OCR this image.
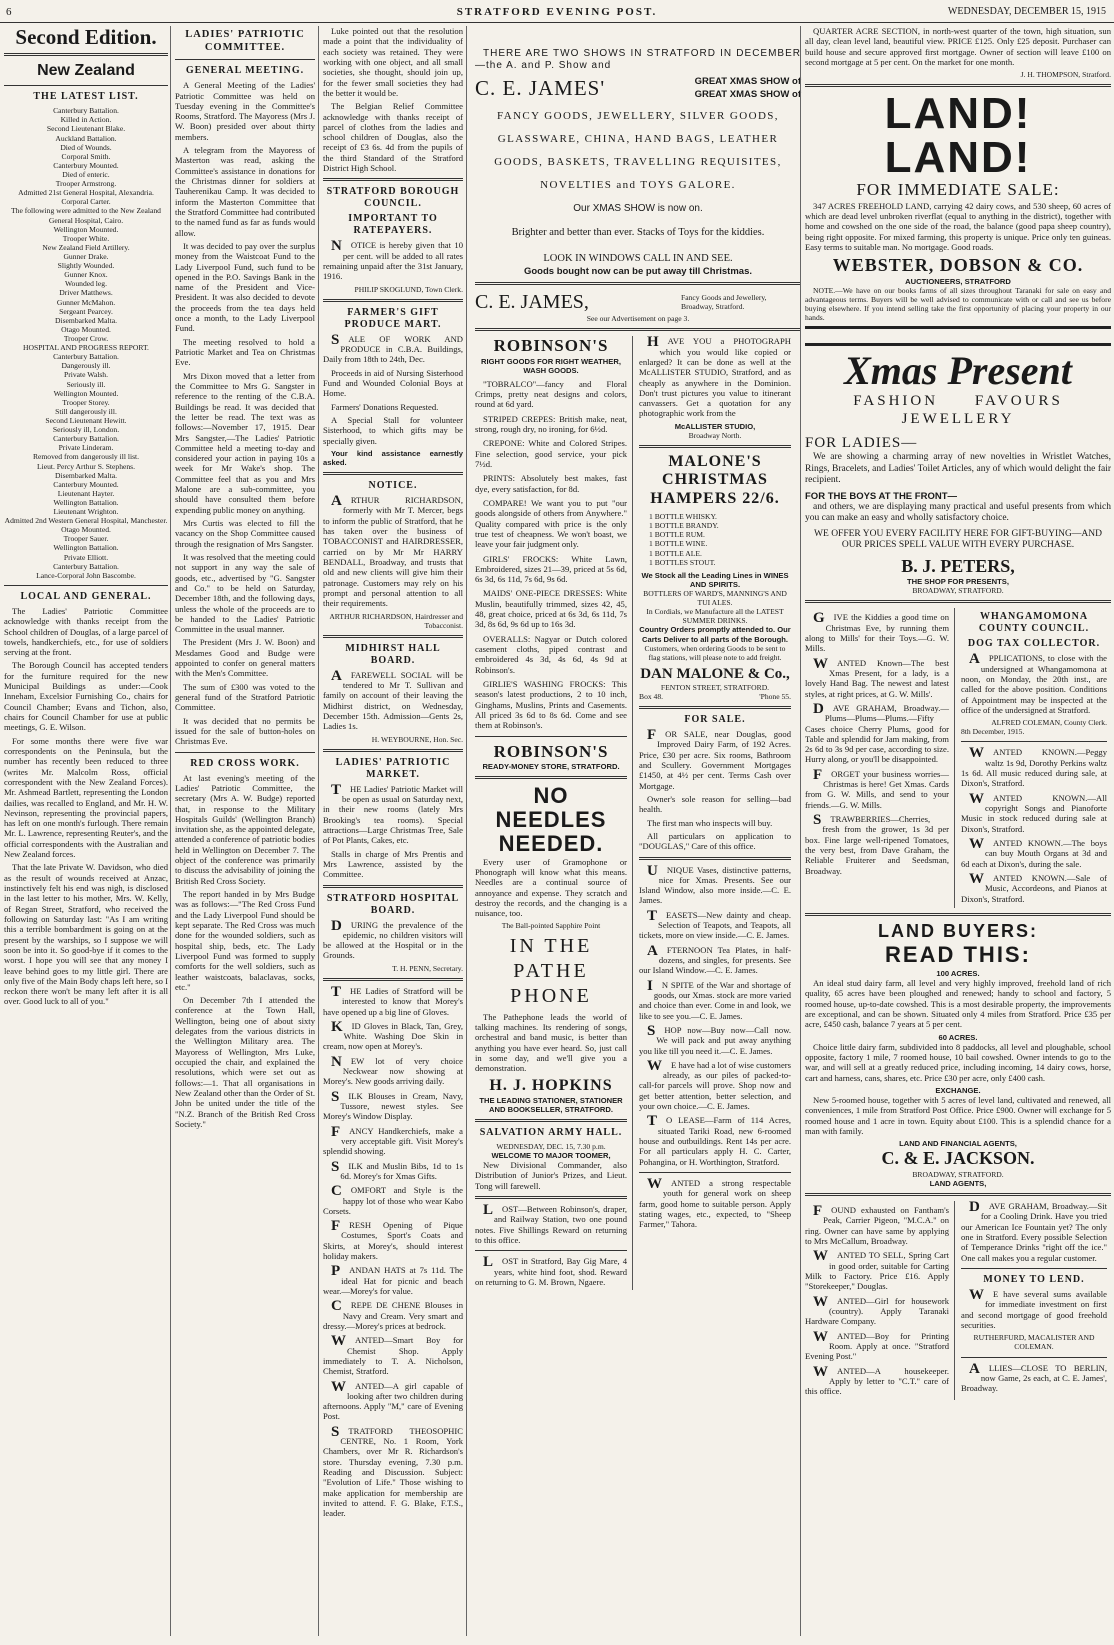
6	STRATFORD EVENING POST.	WEDNESDAY, DECEMBER 15, 1915
Second Edition.
New Zealand
THE LATEST LIST.
Canterbury Battalion.
Killed in Action.
Second Lieutenant Blake.
Auckland Battalion.
Died of Wounds.
Corporal Smith.
Canterbury Mounted.
Died of enteric.
Trooper Armstrong.
Admitted 21st General Hospital, Alexandria.
Corporal Carter.
The following were admitted to the New Zealand General Hospital, Cairo.
Wellington Mounted.
Trooper White.
New Zealand Field Artillery.
Gunner Drake.
Slightly Wounded.
Gunner Knox.
Wounded leg.
Driver Matthews.
Gunner McMahon.
Sergeant Pearcey.
Disembarked Malta.
Otago Mounted.
Trooper Crow.
HOSPITAL AND PROGRESS REPORT.
Canterbury Battalion.
Dangerously ill.
Private Walsh.
Seriously ill.
Wellington Mounted.
Trooper Storey.
Still dangerously ill.
Second Lieutenant Hewitt.
Seriously ill, London.
Canterbury Battalion.
Private Linderam.
Removed from dangerously ill list.
Lieut. Percy Arthur S. Stephens.
Disembarked Malta.
Canterbury Mounted.
Lieutenant Hayter.
Wellington Battalion.
Lieutenant Wrighton.
Admitted 2nd Western General Hospital, Manchester.
Otago Mounted.
Trooper Sauer.
Wellington Battalion.
Private Elliott.
Canterbury Battalion.
Lance-Corporal John Bascombe.
LOCAL AND GENERAL.
The Ladies' Patriotic Committee acknowledge with thanks receipt from the School children of Douglas, of a large parcel of towels, handkerchiefs, etc., for use of soldiers serving at the front.
The Borough Council has accepted tenders for the furniture required for the new Municipal Buildings as under:—Cook Inneham, Excelsior Furnishing Co., chairs for Council Chamber; Evans and Tichon, also, chairs for Council Chamber for use at public meetings, G. E. Wilson.
For some months there were five war correspondents on the Peninsula, but the number has recently been reduced to three (writes Mr. Malcolm Ross, official correspondent with the New Zealand Forces). Mr. Ashmead Bartlett, representing the London dailies, was recalled to England, and Mr. H. W. Nevinson, representing the provincial papers, has left on one month's furlough. There remain Mr. L. Lawrence, representing Reuter's, and the official correspondents with the Australian and New Zealand forces.
That the late Private W. Davidson, who died as the result of wounds received at Anzac, instinctively felt his end was nigh, is disclosed in the last letter to his mother, Mrs. W. Kelly, of Regan Street, Stratford, who received the following on Saturday last: "As I am writing this a terrible bombardment is going on at the present by the warships, so I suppose we will soon be into it. So good-bye if it comes to the worst. I hope you will see that any money I leave behind goes to my little girl. There are only five of the Main Body chaps left here, so I reckon there won't be many left after it is all over. Good luck to all of you."
LADIES' PATRIOTIC COMMITTEE.
GENERAL MEETING.
A General Meeting of the Ladies' Patriotic Committee was held on Tuesday evening in the Committee's Rooms, Stratford. The Mayoress (Mrs J. W. Boon) presided over about thirty members.
A telegram from the Mayoress of Masterton was read, asking the Committee's assistance in donations for the Christmas dinner for soldiers at Tauherenikau Camp. It was decided to inform the Masterton Committee that the Stratford Committee had contributed to the named fund as far as funds would allow.
It was decided to pay over the surplus money from the Waistcoat Fund to the Lady Liverpool Fund, such fund to be opened in the P.O. Savings Bank in the name of the President and Vice-President. It was also decided to devote the proceeds from the tea days held once a month, to the Lady Liverpool Fund.
The meeting resolved to hold a Patriotic Market and Tea on Christmas Eve.
Mrs Dixon moved that a letter from the Committee to Mrs G. Sangster in reference to the renting of the C.B.A. Buildings be read. It was decided that the letter be read. The text was as follows:—November 17, 1915. Dear Mrs Sangster,—The Ladies' Patriotic Committee held a meeting to-day and considered your action in paying 10s a week for Mr Wake's shop. The Committee feel that as you and Mrs Malone are a sub-committee, you should have consulted them before expending public money on anything.
Mrs Curtis was elected to fill the vacancy on the Shop Committee caused through the resignation of Mrs Sangster.
It was resolved that the meeting could not support in any way the sale of goods, etc., advertised by "G. Sangster and Co." to be held on Saturday, December 18th, and the following days, unless the whole of the proceeds are to be handed to the Ladies' Patriotic Committee in the usual manner.
The President (Mrs J. W. Boon) and Mesdames Good and Budge were appointed to confer on general matters with the Men's Committee.
The sum of £300 was voted to the general fund of the Stratford Patriotic Committee.
It was decided that no permits be issued for the sale of button-holes on Christmas Eve.
RED CROSS WORK.
At last evening's meeting of the Ladies' Patriotic Committee, the secretary (Mrs A. W. Budge) reported that, in response to the Military Hospitals Guilds' (Wellington Branch) invitation she, as the appointed delegate, attended a conference of patriotic bodies held in Wellington on December 7. The object of the conference was primarily to discuss the advisability of joining the British Red Cross Society.
The report handed in by Mrs Budge was as follows:—"The Red Cross Fund and the Lady Liverpool Fund should be kept separate. The Red Cross was much done for the wounded soldiers, such as hospital ship, beds, etc. The Lady Liverpool Fund was formed to supply comforts for the well soldiers, such as leather waistcoats, balaclavas, socks, etc."
On December 7th I attended the conference at the Town Hall, Wellington, being one of about sixty delegates from the various districts in the Wellington Military area. The Mayoress of Wellington, Mrs Luke, occupied the chair, and explained the resolutions, which were set out as follows:—1. That all organisations in New Zealand other than the Order of St. John be united under the title of the "N.Z. Branch of the British Red Cross Society."
Luke pointed out that the resolution made a point that the individuality of each society was retained. They were working with one object, and all small societies, she thought, should join up, for the fewer small societies they had the better it would be.
The Belgian Relief Committee acknowledge with thanks receipt of parcel of clothes from the ladies and school children of Douglas, also the receipt of £3 6s. 4d from the pupils of the third Standard of the Stratford District High School.
STRATFORD BOROUGH COUNCIL.
IMPORTANT TO RATEPAYERS.
NOTICE is hereby given that 10 per cent. will be added to all rates remaining unpaid after the 31st January, 1916.
PHILIP SKOGLUND, Town Clerk.
FARMER'S GIFT PRODUCE MART.
SALE OF WORK AND PRODUCE in C.B.A. Buildings, Daily from 18th to 24th, Dec.
Proceeds in aid of Nursing Sisterhood Fund and Wounded Colonial Boys at Home.
Farmers' Donations Requested.
A Special Stall for volunteer Sisterhood, to which gifts may be specially given.
Your kind assistance earnestly asked.
NOTICE.
ARTHUR RICHARDSON, formerly with Mr T. Mercer, begs to inform the public of Stratford, that he has taken over the business of TOBACCONIST and HAIRDRESSER, carried on by Mr Mr HARRY BENDALL, Broadway, and trusts that old and new clients will give him their patronage. Customers may rely on his prompt and personal attention to all their requirements.
ARTHUR RICHARDSON, Hairdresser and Tobacconist.
MIDHIRST HALL BOARD.
AFAREWELL SOCIAL will be tendered to Mr T. Sullivan and family on account of their leaving the Midhirst district, on Wednesday, December 15th. Admission—Gents 2s, Ladies 1s.
H. WEYBOURNE, Hon. Sec.
LADIES' PATRIOTIC MARKET.
THE Ladies' Patriotic Market will be open as usual on Saturday next, in their new rooms (lately Mrs Brooking's tea rooms). Special attractions—Large Christmas Tree, Sale of Pot Plants, Cakes, etc.
Stalls in charge of Mrs Prentis and Mrs Lawrence, assisted by the Committee.
STRATFORD HOSPITAL BOARD.
DURING the prevalence of the epidemic, no children visitors will be allowed at the Hospital or in the Grounds.
T. H. PENN, Secretary.
THE Ladies of Stratford will be interested to know that Morey's have opened up a big line of Gloves.
KID Gloves in Black, Tan, Grey, White. Washing Doe Skin in cream, now open at Morey's.
NEW lot of very choice Neckwear now showing at Morey's. New goods arriving daily.
SILK Blouses in Cream, Navy, Tussore, newest styles. See Morey's Window Display.
FANCY Handkerchiefs, make a very acceptable gift. Visit Morey's splendid showing.
SILK and Muslin Bibs, 1d to 1s 6d. Morey's for Xmas Gifts.
COMFORT and Style is the happy lot of those who wear Kabo Corsets.
FRESH Opening of Pique Costumes, Sport's Coats and Skirts, at Morey's, should interest holiday makers.
PANDAN HATS at 7s 11d. The ideal Hat for picnic and beach wear.—Morey's for value.
CREPE DE CHENE Blouses in Navy and Cream. Very smart and dressy.—Morey's prices at bedrock.
WANTED—Smart Boy for Chemist Shop. Apply immediately to T. A. Nicholson, Chemist, Stratford.
WANTED—A girl capable of looking after two children during afternoons. Apply "M," care of Evening Post.
STRATFORD THEOSOPHIC CENTRE, No. 1 Room, York Chambers, over Mr R. Richardson's store. Thursday evening, 7.30 p.m. Reading and Discussion. Subject: "Evolution of Life." Those wishing to make application for membership are invited to attend. F. G. Blake, F.T.S., leader.
THERE ARE TWO SHOWS IN STRATFORD IN DECEMBER—the A. and P. Show and
C. E. JAMES'	GREAT XMAS SHOW of
GREAT XMAS SHOW of
FANCY GOODS, JEWELLERY, SILVER GOODS, GLASSWARE, CHINA, HAND BAGS, LEATHER GOODS, BASKETS, TRAVELLING REQUISITES, NOVELTIES and TOYS GALORE.
Our XMAS SHOW is now on.
Brighter and better than ever. Stacks of Toys for the kiddies.
LOOK IN WINDOWS CALL IN AND SEE.
Goods bought now can be put away till Christmas.
C. E. JAMES,	Fancy Goods and Jewellery, Broadway, Stratford.
See our Advertisement on page 3.
ROBINSON'S
RIGHT GOODS FOR RIGHT WEATHER,
WASH GOODS.
"TOBRALCO"—fancy and Floral Crimps, pretty neat designs and colors, round at 6d yard.
STRIPED CREPES: British make, neat, strong, rough dry, no ironing, for 6½d.
CREPONE: White and Colored Stripes. Fine selection, good service, your pick 7½d.
PRINTS: Absolutely best makes, fast dye, every satisfaction, for 8d.
COMPARE! We want you to put "our goods alongside of others from Anywhere." Quality compared with price is the only true test of cheapness. We won't boast, we leave your fair judgment only.
GIRLS' FROCKS: White Lawn, Embroidered, sizes 21—39, priced at 5s 6d, 6s 3d, 6s 11d, 7s 6d, 9s 6d.
MAIDS' ONE-PIECE DRESSES: White Muslin, beautifully trimmed, sizes 42, 45, 48, great choice, priced at 6s 3d, 6s 11d, 7s 3d, 8s 6d, 9s 6d up to 16s 3d.
OVERALLS: Nagyar or Dutch colored casement cloths, piped contrast and embroidered 4s 3d, 4s 6d, 4s 9d at Robinson's.
GIRLIE'S WASHING FROCKS: This season's latest productions, 2 to 10 inch, Ginghams, Muslins, Prints and Casements. All priced 3s 6d to 8s 6d. Come and see them at Robinson's.
ROBINSON'S
READY-MONEY STORE, STRATFORD.
NO NEEDLES NEEDED.
Every user of Gramophone or Phonograph will know what this means. Needles are a continual source of annoyance and expense. They scratch and destroy the records, and the changing is a nuisance, too.
The Ball-pointed Sapphire Point
IN THE
PATHE
PHONE
The Pathephone leads the world of talking machines. Its rendering of songs, orchestral and band music, is better than anything you have ever heard. So, just call in some day, and we'll give you a demonstration.
H. J. HOPKINS
THE LEADING STATIONER, STATIONER AND BOOKSELLER, STRATFORD.
SALVATION ARMY HALL.
WEDNESDAY, DEC. 15, 7.30 p.m.
WELCOME TO MAJOR TOOMER,
New Divisional Commander, also Distribution of Junior's Prizes, and Lieut. Tong will farewell.
LOST—Between Robinson's, draper, and Railway Station, two one pound notes. Five Shillings Reward on returning to this office.
LOST in Stratford, Bay Gig Mare, 4 years, white hind foot, shod. Reward on returning to G. M. Brown, Ngaere.
HAVE YOU a PHOTOGRAPH which you would like copied or enlarged? It can be done as well at the McALLISTER STUDIO, Stratford, and as cheaply as anywhere in the Dominion. Don't trust pictures you value to itinerant canvassers. Get a quotation for any photographic work from the
McALLISTER STUDIO,
Broadway North.
MALONE'S CHRISTMAS HAMPERS 22/6.
1 BOTTLE WHISKY.
1 BOTTLE BRANDY.
1 BOTTLE RUM.
1 BOTTLE WINE.
1 BOTTLE ALE.
1 BOTTLES STOUT.
We Stock all the Leading Lines in WINES AND SPIRITS.
BOTTLERS OF WARD'S, MANNING'S AND TUI ALES.
In Cordials, we Manufacture all the LATEST SUMMER DRINKS.
Country Orders promptly attended to. Our Carts Deliver to all parts of the Borough.
Customers, when ordering Goods to be sent to flag stations, will please note to add freight.
DAN MALONE & Co.,
FENTON STREET, STRATFORD.
Box 48.	'Phone 55.
FOR SALE.
FOR SALE, near Douglas, good Improved Dairy Farm, of 192 Acres. Price, £30 per acre. Six rooms, Bathroom and Scullery. Government Mortgages £1450, at 4½ per cent. Terms Cash over Mortgage.
Owner's sole reason for selling—bad health.
The first man who inspects will buy.
All particulars on application to "DOUGLAS," Care of this office.
UNIQUE Vases, distinctive patterns, nice for Xmas. Presents. See our Island Window, also more inside.—C. E. James.
TEASETS—New dainty and cheap. Selection of Teapots, and Teapots, all tickets, more on view inside.—C. E. James.
AFTERNOON Tea Plates, in half-dozens, and singles, for presents. See our Island Window.—C. E. James.
IN SPITE of the War and shortage of goods, our Xmas. stock are more varied and choice than ever. Come in and look, we like to see you.—C. E. James.
SHOP now—Buy now—Call now. We will pack and put away anything you like till you need it.—C. E. James.
WE have had a lot of wise customers already, as our piles of packed-to-call-for parcels will prove. Shop now and get better attention, better selection, and your own choice.—C. E. James.
TO LEASE—Farm of 114 Acres, situated Tariki Road, new 6-roomed house and outbuildings. Rent 14s per acre. For all particulars apply H. C. Carter, Pohangina, or H. Worthington, Stratford.
WANTED a strong respectable youth for general work on sheep farm, good home to suitable person. Apply stating wages, etc., expected, to "Sheep Farmer," Tahora.
QUARTER ACRE SECTION, in north-west quarter of the town, high situation, sun all day, clean level land, beautiful view. PRICE £125. Only £25 deposit. Purchaser can build house and secure approved first mortgage. Owner of section will leave £100 on second mortgage at 5 per cent. On the market for one month.
J. H. THOMPSON, Stratford.
LAND! LAND!
FOR IMMEDIATE SALE:
347 ACRES FREEHOLD LAND, carrying 42 dairy cows, and 530 sheep, 60 acres of which are dead level unbroken riverflat (equal to anything in the district), together with home and cowshed on the one side of the road, the balance (good papa sheep country), being right opposite. For mixed farming, this property is unique. Price only ten guineas. Easy terms to suitable man. No mortgage. Good roads.
WEBSTER, DOBSON & CO.
AUCTIONEERS, STRATFORD
NOTE.—We have on our books farms of all sizes throughout Taranaki for sale on easy and advantageous terms. Buyers will be well advised to communicate with or call and see us before buying elsewhere. If you intend selling take the first opportunity of placing your property in our hands.
Xmas Present
FASHION FAVOURS
JEWELLERY
FOR LADIES—
We are showing a charming array of new novelties in Wristlet Watches, Rings, Bracelets, and Ladies' Toilet Articles, any of which would delight the fair recipient.
FOR THE BOYS AT THE FRONT—
and others, we are displaying many practical and useful presents from which you can make an easy and wholly satisfactory choice.
WE OFFER YOU EVERY FACILITY HERE FOR GIFT-BUYING—AND OUR PRICES SPELL VALUE WITH EVERY PURCHASE.
B. J. PETERS,
THE SHOP FOR PRESENTS,
BROADWAY, STRATFORD.
GIVE the Kiddies a good time on Christmas Eve, by running them along to Mills' for their Toys.—G. W. Mills.
WANTED Known—The best Xmas Present, for a lady, is a lovely Hand Bag. The newest and latest styles, at right prices, at G. W. Mills'.
DAVE GRAHAM, Broadway.—Plums—Plums—Plums.—Fifty Cases choice Cherry Plums, good for Table and splendid for Jam making, from 2s 6d to 3s 9d per case, according to size. Hurry along, or you'll be disappointed.
FORGET your business worries—Christmas is here! Get Xmas. Cards from G. W. Mills, and send to your friends.—G. W. Mills.
STRAWBERRIES—Cherries, fresh from the grower, 1s 3d per box. Fine large well-ripened Tomatoes, the very best, from Dave Graham, the Reliable Fruiterer and Seedsman, Broadway.
WHANGAMOMONA COUNTY COUNCIL.
DOG TAX COLLECTOR.
APPLICATIONS, to close with the undersigned at Whangamomona at noon, on Monday, the 20th inst., are called for the above position. Conditions of Appointment may be inspected at the office of the undersigned at Stratford.
ALFRED COLEMAN, County Clerk.
8th December, 1915.
WANTED KNOWN.—Peggy waltz 1s 9d, Dorothy Perkins waltz 1s 6d. All music reduced during sale, at Dixon's, Stratford.
WANTED KNOWN.—All copyright Songs and Pianoforte Music in stock reduced during sale at Dixon's, Stratford.
WANTED KNOWN.—The boys can buy Mouth Organs at 3d and 6d each at Dixon's, during the sale.
WANTED KNOWN.—Sale of Music, Accordeons, and Pianos at Dixon's, Stratford.
LAND BUYERS:
READ THIS:
100 ACRES.
An ideal stud dairy farm, all level and very highly improved, freehold land of rich quality, 65 acres have been ploughed and renewed; handy to school and factory, 5 roomed house, up-to-date cowshed. This is a most desirable property, the improvements are exceptional, and can be shown. Situated only 4 miles from Stratford. Price £35 per acre, £450 cash, balance 7 years at 5 per cent.
60 ACRES.
Choice little dairy farm, subdivided into 8 paddocks, all level and ploughable, school opposite, factory 1 mile, 7 roomed house, 10 bail cowshed. Owner intends to go to the war, and will sell at a greatly reduced price, including incoming, 14 dairy cows, horse, cart and harness, cans, shares, etc. Price £30 per acre, only £400 cash.
EXCHANGE.
New 5-roomed house, together with 5 acres of level land, cultivated and renewed, all conveniences, 1 mile from Stratford Post Office. Price £900. Owner will exchange for 5 roomed house and 1 acre in town. Equity about £100. This is a splendid chance for a man with family.
LAND AND FINANCIAL AGENTS,
C. & E. JACKSON.
BROADWAY, STRATFORD.
LAND AGENTS,
FOUND exhausted on Fantham's Peak, Carrier Pigeon, "M.C.A." on ring. Owner can have same by applying to Mrs McCallum, Broadway.
WANTED TO SELL, Spring Cart in good order, suitable for Carting Milk to Factory. Price £16. Apply "Storekeeper," Douglas.
WANTED—Girl for housework (country). Apply Taranaki Hardware Company.
WANTED—Boy for Printing Room. Apply at once. "Stratford Evening Post."
WANTED—A housekeeper. Apply by letter to "C.T." care of this office.
DAVE GRAHAM, Broadway.—Sit for a Cooling Drink. Have you tried our American Ice Fountain yet? The only one in Stratford. Every possible Selection of Temperance Drinks "right off the ice." One call makes you a regular customer.
MONEY TO LEND.
WE have several sums available for immediate investment on first and second mortgage of good freehold securities.
RUTHERFURD, MACALISTER AND COLEMAN.
ALLIES—CLOSE TO BERLIN, now Game, 2s each, at C. E. James', Broadway.
